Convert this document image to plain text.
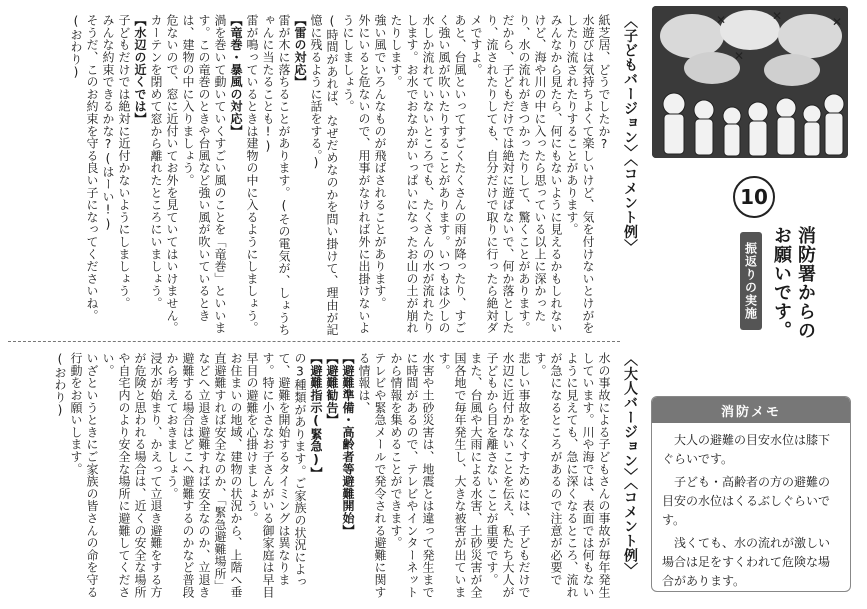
✕	✕	✕
✕
10
消防署からの
お願いです。
振返りの実施
〈子どもバージョン〉〈コメント例〉
紙芝居、どうでしたか?
水遊びは気持ちよくて楽しいけど、気を付けないとけがをしたり流されたりすることがあります。
みんなから見たら、何にもないように見えるかもしれないけど、海や川の中に入ったら思っている以上に深かったり、水の流れがきつかったりして、驚くことがあります。
だから、子どもだけでは絶対に遊ばないで、何か落としたり、流されたりしても、自分だけで取りに行ったら絶対ダメですよ。
あと、台風といってすごくたくさんの雨が降ったり、すごく強い風が吹いたりすることがあります。いつもは少しの水しか流れていないところでも、たくさんの水が流れたりします。お水でおなかがいっぱいになったお山の土が崩れたりします。
強い風でいろんなものが飛ばされることがあります。
外にいると危ないので、用事がなければ外に出掛けないようにしましょう。
(時間があれば、なぜだめなのかを問い掛けて、理由が記憶に残るように話をする。)
【雷の対応】
雷が木に落ちることがあります。(その電気が、しょうちゃんに当たることも!)
雷が鳴っているときは建物の中に入るようにしましょう。
【竜巻・暴風の対応】
渦を巻いて動いていくすごい風のことを「竜巻」といいます。この竜巻のときや台風など強い風が吹いているときは、建物の中に入りましょう。
危ないので、窓に近付いてお外を見ていてはいけません。カーテンを閉めて窓から離れたところにいましょう。
【水辺の近くでは】
子どもだけでは絶対に近付かないようにしましょう。
みんな約束できるかな?(はーい!)
そうだ、このお約束を守る良い子になってくださいね。
(おわり)
〈大人バージョン〉〈コメント例〉
水の事故による子どもさんの事故が毎年発生しています。川や海では、表面では何もないように見えても、急に深くなるところ、流れが急になるところがあるので注意が必要です。
悲しい事故をなくすためには、子どもだけで水辺に近付かないことを伝え、私たち大人が子どもから目を離さないことが重要です。
また、台風や大雨による水害、土砂災害が全国各地で毎年発生し、大きな被害が出ています。
水害や土砂災害は、地震とは違って発生までに時間があるので、テレビやインターネットから情報を集めることができます。
テレビや緊急メールで発令される避難に関する情報は、
【避難準備・高齢者等避難開始】
【避難勧告】
【避難指示(緊急)】
の3種類があります。ご家族の状況によって、避難を開始するタイミングは異なります。特に小さなお子さんがいる御家庭は早目早目の避難を心掛けましょう。
お住まいの地域、建物の状況から、上階へ垂直避難すれば安全なのか、「緊急避難場所」などへ立退き避難すれば安全なのか、立退き避難する場合はどこへ避難するのかなど普段から考えておきましょう。
浸水が始まり、かえって立退き避難をする方が危険と思われる場合は、近くの安全な場所や自宅内のより安全な場所に避難してください。
いざというときにご家族の皆さんの命を守る行動をお願いします。
(おわり)	消防メモ

大人の避難の目安水位は膝下ぐらいです。

子ども・高齢者の方の避難の目安の水位はくるぶしぐらいです。

浅くても、水の流れが激しい場合は足をすくわれて危険な場合があります。
